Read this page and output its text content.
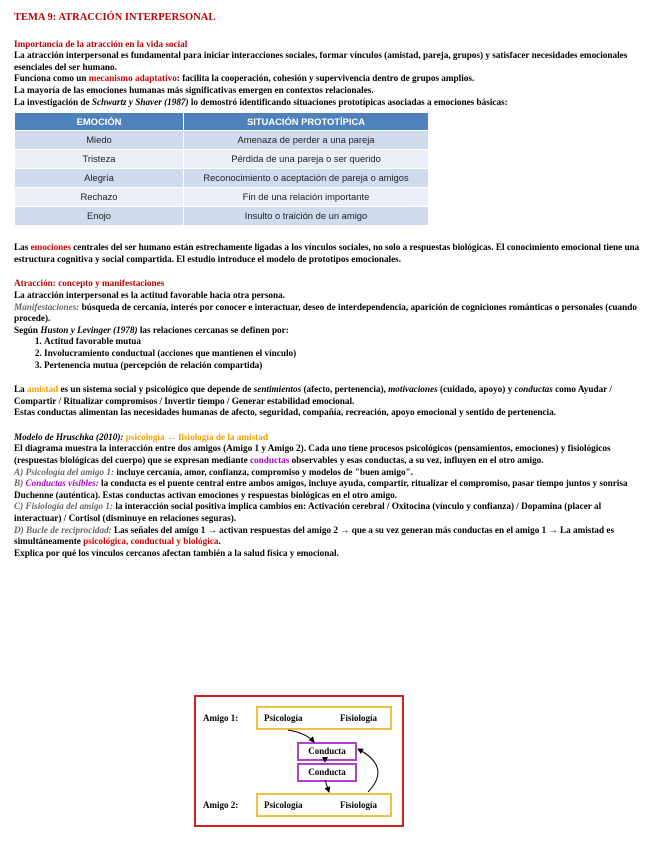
TEMA 9: ATRACCIÓN INTERPERSONAL

Importancia de la atracción en la vida social

La atracción interpersonal es fundamental para iniciar interacciones sociales, formar vínculos (amistad, pareja, grupos) y satisfacer necesidades emocionales esenciales del ser humano.

Funciona como un mecanismo adaptativo: facilita la cooperación, cohesión y supervivencia dentro de grupos amplios.

La mayoría de las emociones humanas más significativas emergen en contextos relacionales.

La investigación de Schwartz y Shaver (1987) lo demostró identificando situaciones prototípicas asociadas a emociones básicas:

EMOCIÓN	SITUACIÓN PROTOTÍPICA
Miedo	Amenaza de perder a una pareja
Tristeza	Pérdida de una pareja o ser querido
Alegría	Reconocimiento o aceptación de pareja o amigos
Rechazo	Fin de una relación importante
Enojo	Insulto o traición de un amigo

Las emociones centrales del ser humano están estrechamente ligadas a los vínculos sociales, no solo a respuestas biológicas. El conocimiento emocional tiene una estructura cognitiva y social compartida. El estudio introduce el modelo de prototipos emocionales.

Atracción: concepto y manifestaciones

La atracción interpersonal es la actitud favorable hacia otra persona.

Manifestaciones: búsqueda de cercanía, interés por conocer e interactuar, deseo de interdependencia, aparición de cogniciones románticas o personales (cuando procede).

Según Huston y Levinger (1978) las relaciones cercanas se definen por:

1. Actitud favorable mutua
2. Involucramiento conductual (acciones que mantienen el vínculo)
3. Pertenencia mutua (percepción de relación compartida)

La amistad es un sistema social y psicológico que depende de sentimientos (afecto, pertenencia), motivaciones (cuidado, apoyo) y conductas como Ayudar / Compartir / Ritualizar compromisos / Invertir tiempo / Generar estabilidad emocional.

Estas conductas alimentan las necesidades humanas de afecto, seguridad, compañía, recreación, apoyo emocional y sentido de pertenencia.

Modelo de Hruschka (2010): psicología ↔ fisiología de la amistad

El diagrama muestra la interacción entre dos amigos (Amigo 1 y Amigo 2). Cada uno tiene procesos psicológicos (pensamientos, emociones) y fisiológicos (respuestas biológicas del cuerpo) que se expresan mediante conductas observables y esas conductas, a su vez, influyen en el otro amigo.

A) Psicología del amigo 1: incluye cercanía, amor, confianza, compromiso y modelos de "buen amigo".

B) Conductas visibles: la conducta es el puente central entre ambos amigos, incluye ayuda, compartir, ritualizar el compromiso, pasar tiempo juntos y sonrisa Duchenne (auténtica). Estas conductas activan emociones y respuestas biológicas en el otro amigo.

C) Fisiología del amigo 1: la interacción social positiva implica cambios en: Activación cerebral / Oxitocina (vínculo y confianza) / Dopamina (placer al interactuar) / Cortisol (disminuye en relaciones seguras).

D) Bucle de reciprocidad: Las señales del amigo 1 → activan respuestas del amigo 2 → que a su vez generan más conductas en el amigo 1 → La amistad es simultáneamente psicológica, conductual y biológica.

Explica por qué los vínculos cercanos afectan también a la salud física y emocional.

Amigo 1:	Psicología	Fisiología
Conducta
Conducta
Amigo 2:	Psicología	Fisiología
